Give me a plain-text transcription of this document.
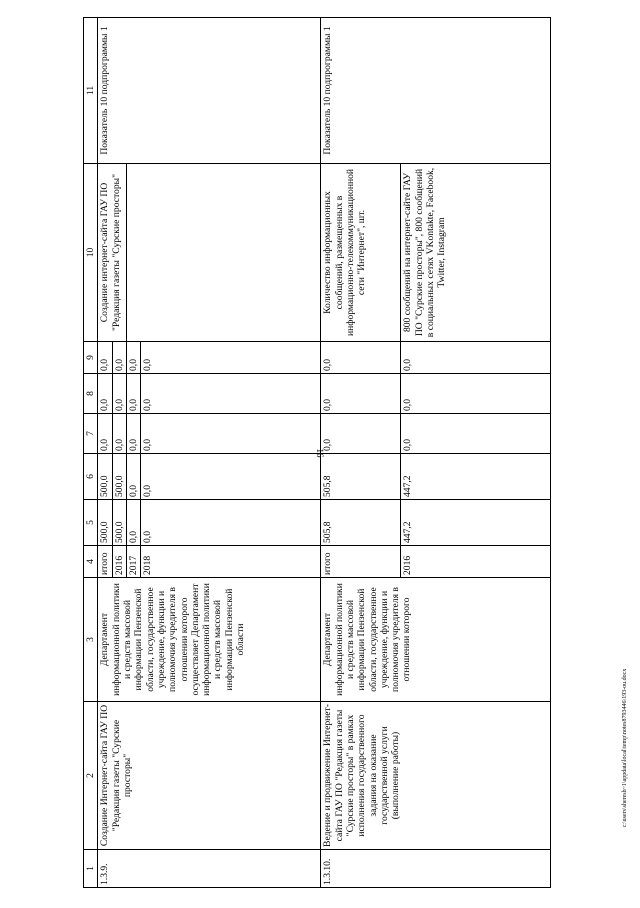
16
1	2	3	4	5	6	7	8	9	10	11
1.3.9.	Создание Интернет-сайта ГАУ ПО "Редакция газеты "Сурские просторы"	Департамент информационной политики и средств массовой информации Пензенской области, государственное учреждение, функции и полномочия учредителя в отношении которого осуществляет Департамент информационной политики и средств массовой информации Пензенской области	итого	500,0	500,0	0,0	0,0	0,0	Создание интернет-сайта ГАУ ПО "Редакция газеты "Сурские просторы"	Показатель 10 подпрограммы 1
			2016	500,0	500,0	0,0	0,0	0,0		
			2017	0,0	0,0	0,0	0,0	0,0		
			2018	0,0	0,0	0,0	0,0	0,0		
1.3.10.	Ведение и продвижение Интернет-сайта ГАУ ПО "Редакция газеты "Сурские просторы" в рамках исполнения государственного задания на оказание государственной услуги (выполнение работы)	Департамент информационной политики и средств массовой информации Пензенской области, государственное учреждение, функции и полномочия учредителя в отношении которого	итого	505,8	505,8	0,0	0,0	0,0	Количество информационных сообщений, размещенных в информационно-телекоммуникационной сети "Интернет", шт.	Показатель 10 подпрограммы 1
			2016	447,2	447,2	0,0	0,0	0,0	800 сообщений на интернет-сайте ГАУ ПО "Сурские просторы", 800 сообщений в социальных сетях VKontakte, Facebook, Twitter, Instagram	
c:\users\sheresh~1\appdata\local\temp\notes8793446\193-ou.docx
